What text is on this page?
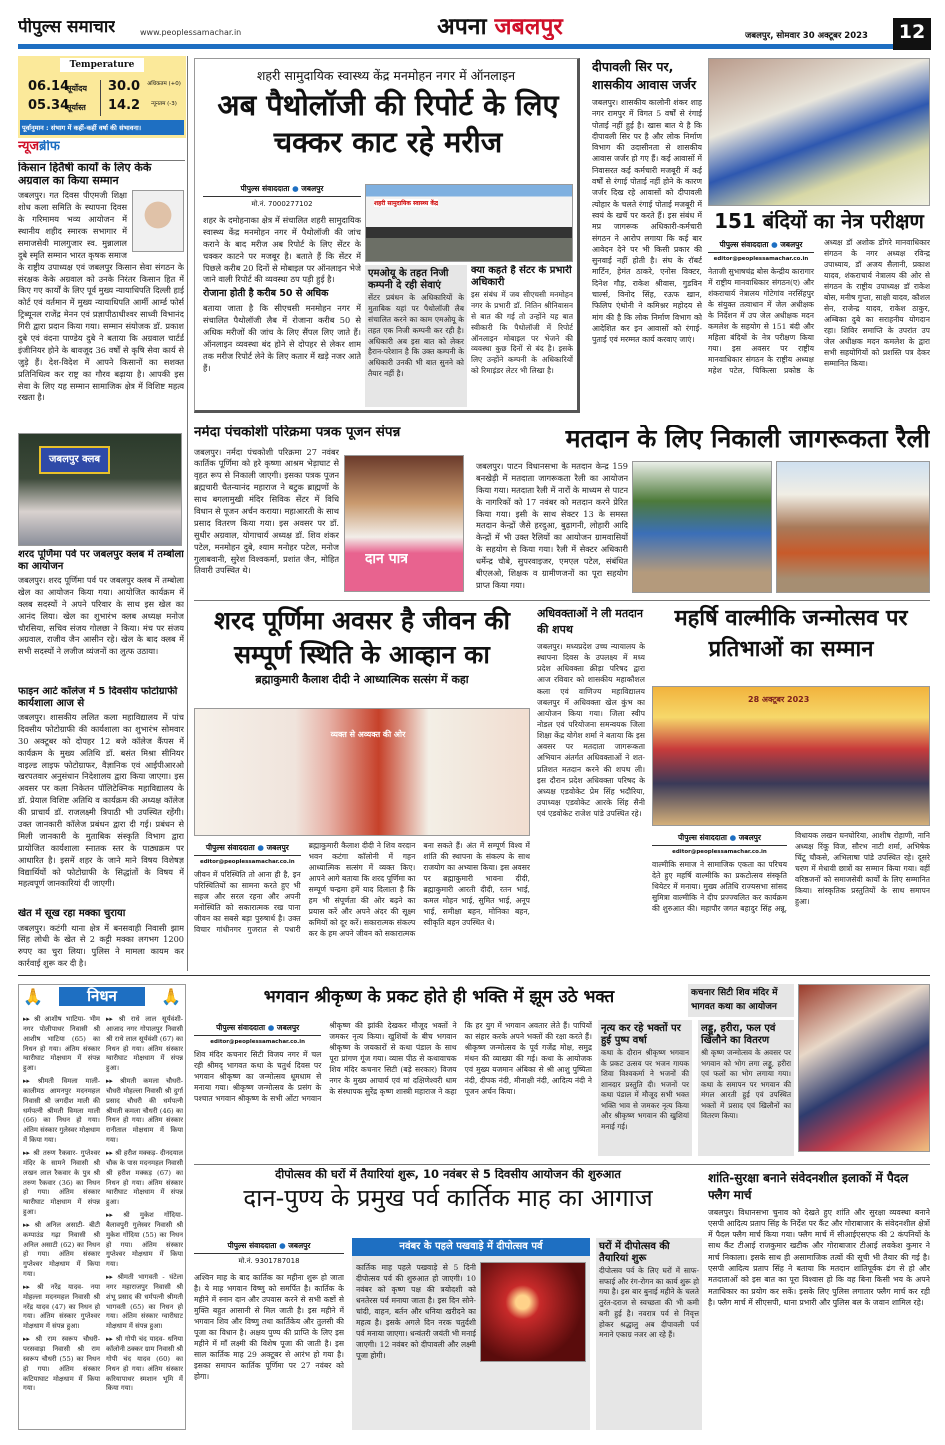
पीपुल्स समाचार	www.peoplessamachar.in	अपना जबलपुर	जबलपुर, सोमवार 30 अक्टूबर 2023	12
Temperature
06.14
सूर्योदय
05.34
सूर्यास्त
30.0 अधिकतम (+0)
14.2	न्यूनतम (-3)
पूर्वानुमान : संभाग में कहीं-कहीं वर्षा की संभावना।
न्यूजब्रीफ
किसान हितैषी कार्यों के लिए केके अग्रवाल का किया सम्मान
जबलपुर। गत दिवस पीएमजी शिक्षा शोध कला समिति के स्थापना दिवस के गरिमामय भव्य आयोजन में स्थानीय शहीद स्मारक सभागार में समाजसेवी मालगुजार स्व. मुन्नालाल दुबे स्मृति सम्मान भारत कृषक समाज के राष्ट्रीय उपाध्यक्ष एवं जबलपुर किसान सेवा संगठन के संरक्षक केके अग्रवाल को उनके निरंतर किसान हित में किए गए कार्यों के लिए पूर्व मुख्य न्यायाधिपति दिल्ली हाई कोर्ट एवं वर्तमान में मुख्य न्यायाधिपति आर्मी आर्म्ड फोर्स ट्रिब्यूनल राजेंद्र मेनन एवं प्रज्ञापीठाधीश्वर साध्वी विभानंद गिरी द्वारा प्रदान किया गया। सम्मान संयोजक डॉ. प्रकाश दुबे एवं वंदना पाण्डेय दुबे ने बताया कि अग्रवाल चार्टर्ड इंजीनियर होने के बावजूद 36 वर्षों से कृषि सेवा कार्य से जुड़े हैं। देश-विदेश में आपने किसानों का सशक्त प्रतिनिधित्व कर राष्ट्र का गौरव बढ़ाया है। आपकी इस सेवा के लिए यह सम्मान सामाजिक क्षेत्र में विशिष्ट महत्व रखता है।
जबलपुर क्लब
शरद पूर्णिमा पर्व पर जबलपुर क्लब में तम्बोला का आयोजन
जबलपुर। शरद पूर्णिमा पर्व पर जबलपुर क्लब में तम्बोला खेल का आयोजन किया गया। आयोजित कार्यक्रम में क्लब सदस्यों ने अपने परिवार के साथ इस खेल का आनंद लिया। खेल का शुभारंभ क्लब अध्यक्ष मनोज चौरसिया, सचिव संजय गोलछा ने किया। मंच पर संजय अग्रवाल, राजीव जैन आसीन रहे। खेल के बाद क्लब में सभी सदस्यों ने लजीज व्यंजनों का लुत्फ उठाया।
फाइन आर्ट कॉलेज में 5 दिवसीय फोटोग्राफी कार्यशाला आज से
जबलपुर। शासकीय ललित कला महाविद्यालय में पांच दिवसीय फोटोग्राफी की कार्यशाला का शुभारंभ सोमवार 30 अक्टूबर को दोपहर 12 बजे कॉलेज कैंपस में कार्यक्रम के मुख्य अतिथि डॉ. बसंत मिश्रा सीनियर वाइल्ड लाइफ फोटोग्राफर, वैज्ञानिक एवं आईपीआरओ खरपतवार अनुसंधान निदेशालय द्वारा किया जाएगा। इस अवसर पर कला निकेतन पॉलिटेक्निक महाविद्यालय के डॉ. प्रेयाल विशिष्ट अतिथि व कार्यक्रम की अध्यक्ष कॉलेज की प्राचार्य डॉ. राजलक्ष्मी त्रिपाठी भी उपस्थित रहेंगी। उक्त जानकारी कॉलेज प्रबंधन द्वारा दी गई। प्रबंधन से मिली जानकारी के मुताबिक संस्कृति विभाग द्वारा प्रायोजित कार्यशाला स्नातक स्तर के पाठ्यक्रम पर आधारित है। इसमें शहर के जाने माने विषय विशेषज्ञ विद्यार्थियों को फोटोग्राफी के सिद्धांतों के विषय में महत्वपूर्ण जानकारियां दी जाएगी।
खेत में सूख रहा मक्का चुराया
जबलपुर। कटंगी थाना क्षेत्र में बनसवाही निवासी झाम सिंह लोधी के खेत से 2 कट्टी मक्का लगभग 1200 रुपए का चुरा लिया। पुलिस ने मामला कायम कर कार्रवाई शुरू कर दी है।
शहरी सामुदायिक स्वास्थ्य केंद्र मनमोहन नगर में ऑनलाइन
अब पैथोलॉजी की रिपोर्ट के लिए चक्कर काट रहे मरीज
पीपुल्स संवाददाता ● जबलपुर
मो.नं. 7000277102
शहर के दमोहनाका क्षेत्र में संचालित शहरी सामुदायिक स्वास्थ्य केंद्र मनमोहन नगर में पैथोलॉजी की जांच कराने के बाद मरीज अब रिपोर्ट के लिए सेंटर के चक्कर काटने पर मजबूर है। बताते हैं कि सेंटर में पिछले करीब 20 दिनों से मोबाइल पर ऑनलाइन भेजे जाने वाली रिपोर्ट की व्यवस्था ठप पड़ी हुई है।
रोजाना होती है करीब 50 से अधिक
बताया जाता है कि सीएचसी मनमोहन नगर में संचालित पैथोलॉजी लैब में रोजाना करीब 50 से अधिक मरीजों की जांच के लिए सैंपल लिए जाते हैं। ऑनलाइन व्यवस्था बंद होने से दोपहर से लेकर शाम तक मरीज रिपोर्ट लेने के लिए कतार में खड़े नजर आते हैं।
शहरी सामुदायिक स्वास्थ्य केंद्र
एमओयू के तहत निजी कम्पनी दे रही सेवाएं
सेंटर प्रबंधन के अधिकारियों के मुताबिक यहां पर पैथोलॉजी लैब संचालित करने का काम एमओयू के तहत एक निजी कम्पनी कर रही है। अधिकारी अब इस बात को लेकर हैरान-परेशान है कि उक्त कम्पनी के अधिकारी उनकी भी बात सुनने को तैयार नहीं है।
क्या कहते है सेंटर के प्रभारी अधिकारी
इस संबंध में जब सीएचसी मनमोहन नगर के प्रभारी डॉ. नितिन श्रीनिवासन से बात की गई तो उन्होंने यह बात स्वीकारी कि पैथोलॉजी में रिपोर्ट ऑनलाइन मोबाइल पर भेजने की व्यवस्था कुछ दिनों से बंद है। इसके लिए उन्होंने कम्पनी के अधिकारियों को रिमाइंडर लेटर भी लिखा है।
दीपावली सिर पर, शासकीय आवास जर्जर
जबलपुर। शासकीय कालोनी शंकर शाह नगर रामपुर में विगत 5 वर्षों से रंगाई पोताई नहीं हुई है। खास बात ये है कि दीपावली सिर पर है और लोक निर्माण विभाग की उदासीनता से शासकीय आवास जर्जर हो गए हैं। कई आवासों में निवासरत कई कर्मचारी मजबूरी में कई वर्षों से रंगाई पोताई नहीं होने के कारण जर्जर दिख रहे आवासों को दीपावली त्योहार के चलते रंगाई पोताई मजबूरी में स्वयं के खर्चे पर करते हैं। इस संबंध में मप्र जागरूक अधिकारी-कर्मचारी संगठन ने आरोप लगाया कि कई बार आवेदन देने पर भी किसी प्रकार की सुनवाई नहीं होती है। संघ के रॉबर्ट मार्टिन, हेमंत ठाकरे, एनोस विक्टर, दिनेश गौड़, राकेश श्रीवास, गुडविन चार्ल्स, विनोद सिंह, रऊफ खान, फिलिप एंथोनी ने कमिश्नर महोदय से मांग की है कि लोक निर्माण विभाग को आदेशित कर इन आवासों को रंगाई-पुताई एवं मरम्मत कार्य करवाए जाएं।
151 बंदियों का नेत्र परीक्षण
पीपुल्स संवाददाता ● जबलपुर
editor@peoplessamachar.co.in
नेताजी सुभाषचंद्र बोस केन्द्रीय कारागार में राष्ट्रीय मानवाधिकार संगठन(ए) और शंकराचार्य नेत्रालय गोटेगांव नरसिंहपुर के संयुक्त तत्वाधान में जेल अधीक्षक के निर्देशन में उप जेल अधीक्षक मदन कमलेश के सहयोग से 151 बंदी और महिला बंदियों के नेत्र परीक्षण किया गया। इस अवसर पर राष्ट्रीय मानवाधिकार संगठन के राष्ट्रीय अध्यक्ष महेश पटेल, चिकित्सा प्रकोष्ठ के अध्यक्ष डॉ अशोक डोंगरे मानवाधिकार संगठन के नगर अध्यक्ष रविन्द्र उपाध्याय, डॉ अजय सैलानी, प्रकाश यादव, शंकराचार्य नेत्रालय की ओर से संगठन के राष्ट्रीय उपाध्यक्ष डॉ राकेश बोस, मनीष गुप्ता, साक्षी यादव, कौशल सेन, राजेन्द्र यादव, राकेश ठाकुर, अम्बिका दुबे का सराहनीय योगदान रहा। शिविर समाप्ति के उपरांत उप जेल अधीक्षक मदन कमलेश के द्वारा सभी सहयोगियों को प्रशस्ति पत्र देकर सम्मानित किया।
नर्मदा पंचकोशी परिक्रमा पत्रक पूजन संपन्न
जबलपुर। नर्मदा पंचकोशी परिक्रमा 27 नवंबर कार्तिक पूर्णिमा को हरे कृष्णा आश्रम भेड़ाघाट से वृहत रूप से निकाली जाएगी। इसका पत्रक पूजन ब्रह्मचारी चैतन्यानंद महाराज ने बटुक ब्राह्मणों के साथ बगलामुखी मंदिर सिविक सेंटर में विधि विधान से पूजन अर्चन कराया। महाआरती के साथ प्रसाद वितरण किया गया। इस अवसर पर डॉ. सुधीर अग्रवाल, योगाचार्य अध्यक्ष डॉ. शिव शंकर पटेल, मनमोहन दुबे, श्याम मनोहर पटेल, मनोज गुलाबवानी, सुरेश विश्वकर्मा, प्रशांत जैन, मोहित तिवारी उपस्थित थे।
दान पात्र
मतदान के लिए निकाली जागरूकता रैली
जबलपुर। पाटन विधानसभा के मतदान केन्द्र 159 बनखेड़ी में मतदाता जागरूकता रैली का आयोजन किया गया। मतदाता रैली में नारों के माध्यम से पाटन के नागरिकों को 17 नवंबर को मतदान करने प्रेरित किया गया। इसी के साथ सेक्टर 13 के समस्त मतदान केन्द्रों जैसे हरदुआ, बुढ़ागनी, लोहारी आदि केन्द्रों में भी उक्त रैलियों का आयोजन ग्रामवासियों के सहयोग से किया गया। रैली में सेक्टर अधिकारी धर्मेन्द्र चौबे, सुपरवाइजर, एमएल पटेल, संबंधित बीएलओ, शिक्षक व ग्रामीणजनों का पूरा सहयोग प्राप्त किया गया।
शरद पूर्णिमा अवसर है जीवन की सम्पूर्ण स्थिति के आव्हान का
ब्रह्माकुमारी कैलाश दीदी ने आध्यात्मिक सत्संग में कहा
व्यक्त से अव्यक्त की ओर
पीपुल्स संवाददाता ● जबलपुर
editor@peoplessamachar.co.in
जीवन में परिस्थिति तो आना ही है, इन परिस्थितियों का सामना करते हुए भी सहज और सरल रहना और अपनी मनोस्थिति को सकारात्मक रख पाना जीवन का सबसे बड़ा पुरुषार्थ है। उक्त विचार गांधीनगर गुजरात से पधारी ब्रह्माकुमारी कैलाश दीदी ने शिव वरदान भवन कटंगा कॉलोनी में गहन आध्यात्मिक सत्संग में व्यक्त किए। आपने आगे बताया कि शरद पूर्णिमा का सम्पूर्ण चन्द्रमा हमें याद दिलाता है कि हम भी संपूर्णता की ओर बढ़ने का प्रयास करें और अपने अंदर की सूक्ष्म कमियों को दूर करें। सकारात्मक संकल्प कर के हम अपने जीवन को सकारात्मक बना सकते हैं। अंत में सम्पूर्ण विश्व में शांति की स्थापना के संकल्प के साथ राजयोग का अभ्यास किया। इस अवसर पर ब्रह्माकुमारी भावना दीदी, ब्रह्माकुमारी आरती दीदी, रतन भाई, कमल मोहन भाई, सुमित भाई, अनूप भाई, समीक्षा बहन, मोनिका बहन, स्वीकृति बहन उपस्थित थे।
अधिवक्ताओं ने ली मतदान की शपथ
जबलपुर। मध्यप्रदेश उच्च न्यायालय के स्थापना दिवस के उपलक्ष्य में मध्य प्रदेश अधिवक्ता क्रीड़ा परिषद द्वारा आज रविवार को शासकीय महाकौशल कला एवं वाणिज्य महाविद्यालय जबलपुर में अधिवक्ता खेल कुंभ का आयोजन किया गया। जिला स्वीप नोडल एवं परियोजना समन्वयक जिला शिक्षा केंद्र योगेश शर्मा ने बताया कि इस अवसर पर मतदाता जागरूकता अभियान अंतर्गत अधिवक्ताओं ने शत-प्रतिशत मतदान करने की शपथ ली। इस दौरान प्रदेश अधिवक्ता परिषद के अध्यक्ष एडवोकेट प्रेम सिंह भदौरिया, उपाध्यक्ष एडवोकेट आरके सिंह सैनी एवं एडवोकेट राजेश पांडे उपस्थित रहे।
महर्षि वाल्मीकि जन्मोत्सव पर प्रतिभाओं का सम्मान
28 अक्टूबर 2023
पीपुल्स संवाददाता ● जबलपुर
editor@peoplessamachar.co.in
वाल्मीकि समाज ने सामाजिक एकता का परिचय देते हुए महर्षि वाल्मीकि का प्रकटोत्सव संस्कृति थियेटर में मनाया। मुख्य अतिथि राज्यसभा सांसद सुमित्रा वाल्मीकि ने दीप प्रज्ज्वलित कर कार्यक्रम की शुरुआत की। महापौर जगत बहादुर सिंह अन्नू, विधायक लखन घनघोरिया, आशीष रोहाणी, नानि अध्यक्ष रिंकू विज, सौरभ नाटी शर्मा, अभिषेक चिंटू चौकसे, अभिलाषा पांडे उपस्थित रहे। दूसरे चरण में मेधावी छात्रों का सम्मान किया गया। वहीं वरिष्ठजनों को समाजसेवी कार्यों के लिए सम्मानित किया। सांस्कृतिक प्रस्तुतियों के साथ समापन हुआ।
🙏	निधन	🙏
▸▸ श्री आशीष भाटिया- भीम नगर पोलीपाथर निवासी श्री आशीष भाटिया (65) का निधन हो गया। अंतिम संस्कार ग्वारीघाट मोक्षधाम में संपन्न हुआ।
▸▸ श्रीमती विमला माली- कालीमठ आमनपुर मदनमहल निवासी श्री जगदीश माली की धर्मपत्नी श्रीमती विमला माली (66) का निधन हो गया। अंतिम संस्कार गुलेस्वर मोक्षधाम में किया गया।
▸▸ श्री तरुण रैकवार- गुप्तेश्वर मंदिर के सामने निवासी श्री लखन लाल रैकवार के पुत्र श्री तरुण रैकवार (36) का निधन हो गया। अंतिम संस्कार ग्वारीघाट मोक्षधाम में संपन्न हुआ।
▸▸ श्री अनिल असाटी- बीटी कम्पाउंड गढ़ा निवासी श्री अनिल असाटी (62) का निधन हो गया। अंतिम संस्कार गुप्तेश्वर मोक्षधाम में किया गया।
▸▸ श्री नरेंद्र यादव- नया मोहल्ला मदनमहल निवासी श्री नरेंद्र यादव (47) का निधन हो गया। अंतिम संस्कार गुप्तेश्वर मोक्षधाम में संपन्न हुआ।
▸▸ श्री राम स्वरूप चौधरी- परसवाड़ा निवासी श्री राम स्वरूप चौधरी (55) का निधन हो गया। अंतिम संस्कार कटियाघाट मोक्षधाम में किया गया।
▸▸ श्री राधे लाल सूर्यवंशी- आजाद नगर गोपालपुर निवासी श्री राधे लाल सूर्यवंशी (67) का निधन हो गया। अंतिम संस्कार ग्वारीघाट मोक्षधाम में संपन्न हुआ।
▸▸ श्रीमती कमला चौधरी- चौधरी मोहल्ला निवासी श्री दुर्गा प्रसाद चौधरी की धर्मपत्नी श्रीमती कमला चौधरी (46) का निधन हो गया। अंतिम संस्कार रानीताल मोक्षधाम में किया गया।
▸▸ श्री हरीश मक्कड़- दीनदयाल चौक के पास मदनमहल निवासी श्री हरीश मक्कड़ (67) का निधन हो गया। अंतिम संस्कार ग्वारीघाट मोक्षधाम में संपन्न हुआ।
▸▸ श्री मुकेश गोंदिया- बैलावपुरी गुलेस्वर निवासी श्री मुकेश गोंदिया (55) का निधन हो गया। अंतिम संस्कार गुप्तेश्वर मोक्षधाम में किया गया।
▸▸ श्रीमती भागवती - घंटेला नगर महाराजपुर निवासी श्री शंभू प्रसाद की धर्मपत्नी श्रीमती भागवती (65) का निधन हो गया। अंतिम संस्कार ग्वारीघाट मोक्षधाम में संपन्न हुआ।
▸▸ श्री गोपी चंद यादव- धनिया कॉलोनी ठक्कर ग्राम निवासी श्री गोपी चंद यादव (60) का निधन हो गया। अंतिम संस्कार करियापाथर स्मशान भूमि में किया गया।
भगवान श्रीकृष्ण के प्रकट होते ही भक्ति में झूम उठे भक्त	कचनार सिटी शिव मंदिर में भागवत कथा का आयोजन
पीपुल्स संवाददाता ● जबलपुर
editor@peoplessamachar.co.in
शिव मंदिर कचनार सिटी विजय नगर में चल रही श्रीमद् भागवत कथा के चतुर्थ दिवस पर भगवान श्रीकृष्ण का जन्मोत्सव धूमधाम से मनाया गया। श्रीकृष्ण जन्मोत्सव के प्रसंग के पश्चात भगवान श्रीकृष्ण के सभी ओंटा भगवान श्रीकृष्ण की झांकी देखकर मौजूद भक्तों ने जमकर नृत्य किया। खुशियों के बीच भगवान श्रीकृष्ण के जयकारों से कथा पंडाल के साथ पूरा प्रांगण गूंज गया। व्यास पीठ से कथावाचक शिव मंदिर कचनार सिटी (बड़े सरकार) विजय नगर के मुख्य आचार्य एवं मां दक्षिणेश्वरी धाम के संस्थापक सुरेंद्र कृष्ण शास्त्री महाराज ने कहा कि हर युग में भगवान अवतार लेते हैं। पापियों का संहार करके अपने भक्तों की रक्षा करते हैं। श्रीकृष्ण जन्मोत्सव के पूर्व गजेंद्र मोक्ष, समुद्र मंथन की व्याख्या की गई। कथा के आयोजक एवं मुख्य यजमान अंबिका से श्री आशु पुष्पिता नंदी, दीपक नंदी, मीनाक्षी नंदी, आदित्य नंदी ने पूजन अर्चन किया।
नृत्य कर रहे भक्तों पर हुई पुष्प वर्षा
कथा के दौरान श्रीकृष्ण भगवान के प्रकट उत्सव पर भजन गायक शिवा विश्वकर्मा ने भजनों की शानदार प्रस्तुति दी। भजनों पर कथा पंडाल में मौजूद सभी भक्त भक्ति भाव से जमकर नृत्य किया और श्रीकृष्ण भगवान की खुशियां मनाई गई।
लड्डू, हरीरा, फल एवं खिलौने का वितरण
श्री कृष्ण जन्मोत्सव के अवसर पर भगवान को भोग लगा लड्डू, हरीरा एवं फलों का भोग लगाया गया। कथा के समापन पर भगवान की मंगल आरती हुई एवं उपस्थित भक्तों में प्रसाद एवं खिलौनों का वितरण किया।
दीपोत्सव की घरों में तैयारियां शुरू, 10 नवंबर से 5 दिवसीय आयोजन की शुरुआत
दान-पुण्य के प्रमुख पर्व कार्तिक माह का आगाज
पीपुल्स संवाददाता ● जबलपुर
मो.नं. 9301787018
अश्विन माह के बाद कार्तिक का महीना शुरू हो जाता है। ये माह भगवान विष्णु को समर्पित है। कार्तिक के महीने में स्नान दान और उपवास करने से सभी कष्टों से मुक्ति बहुत आसानी से मिल जाती है। इस महीने में भगवान शिव और विष्णु तथा कार्तिकेय और तुलसी की पूजा का विधान है। अक्षय पुण्य की प्राप्ति के लिए इस महीने में माँ लक्ष्मी की विशेष पूजा की जाती है। इस साल कार्तिक माह 29 अक्टूबर से आरंभ हो गया है। इसका समापन कार्तिक पूर्णिमा पर 27 नवंबर को होगा।
नवंबर के पहले पखवाड़े में दीपोत्सव पर्व
कार्तिक माह पहले पखवाड़े से 5 दिनी दीपोत्सव पर्व की शुरुआत हो जाएगी। 10 नवंबर को कृष्ण पक्ष की त्रयोदशी को धनतेरस पर्व मनाया जाता है। इस दिन सोने-चांदी, वाहन, बर्तन और धनिया खरीदने का महत्व है। इसके अगले दिन नरक चतुर्दशी पर्व मनाया जाएगा। धन्वंतरी जयंती भी मनाई जाएगी। 12 नवंबर को दीपावली और लक्ष्मी पूजा होगी।
घरों में दीपोत्सव की तैयारियां शुरू
दीपोत्सव पर्व के लिए घरों में साफ-सफाई और रंग-रोगन का कार्य शुरू हो गया है। इस बार बुनाई महीने के चलते तुरंत-दराज से स्वच्छता की भी कमी बनी हुई है। नवरात्र पर्व से निवृत्त होकर श्रद्धालु अब दीपावली पर्व मनाने एकाग्र नजर आ रहे हैं।
शांति-सुरक्षा बनाने संवेदनशील इलाकों में पैदल फ्लैग मार्च
जबलपुर। विधानसभा चुनाव को देखते हुए शांति और सुरक्षा व्यवस्था बनाने एसपी आदित्य प्रताप सिंह के निर्देश पर कैंट और गोराबाजार के संवेदनशील क्षेत्रों में पैदल फ्लैग मार्च किया गया। फ्लैग मार्च में सीआईएसएफ की 2 कंपनियों के साथ कैंट टीआई राजकुमार खटीक और गोराबाजार टीआई लवकेश कुमार ने मार्च निकाला। इसके साथ ही असामाजिक तत्वों की सूची भी तैयार की गई है। एसपी आदित्य प्रताप सिंह ने बताया कि मतदान शांतिपूर्वक ढंग से हो और मतदाताओं को इस बात का पूरा विश्वास हो कि वह बिना किसी भय के अपने मताधिकार का प्रयोग कर सकें। इसके लिए पुलिस लगातार फ्लैग मार्च कर रही है। फ्लैग मार्च में सीएसपी, थाना प्रभारी और पुलिस बल के जवान शामिल रहे।
